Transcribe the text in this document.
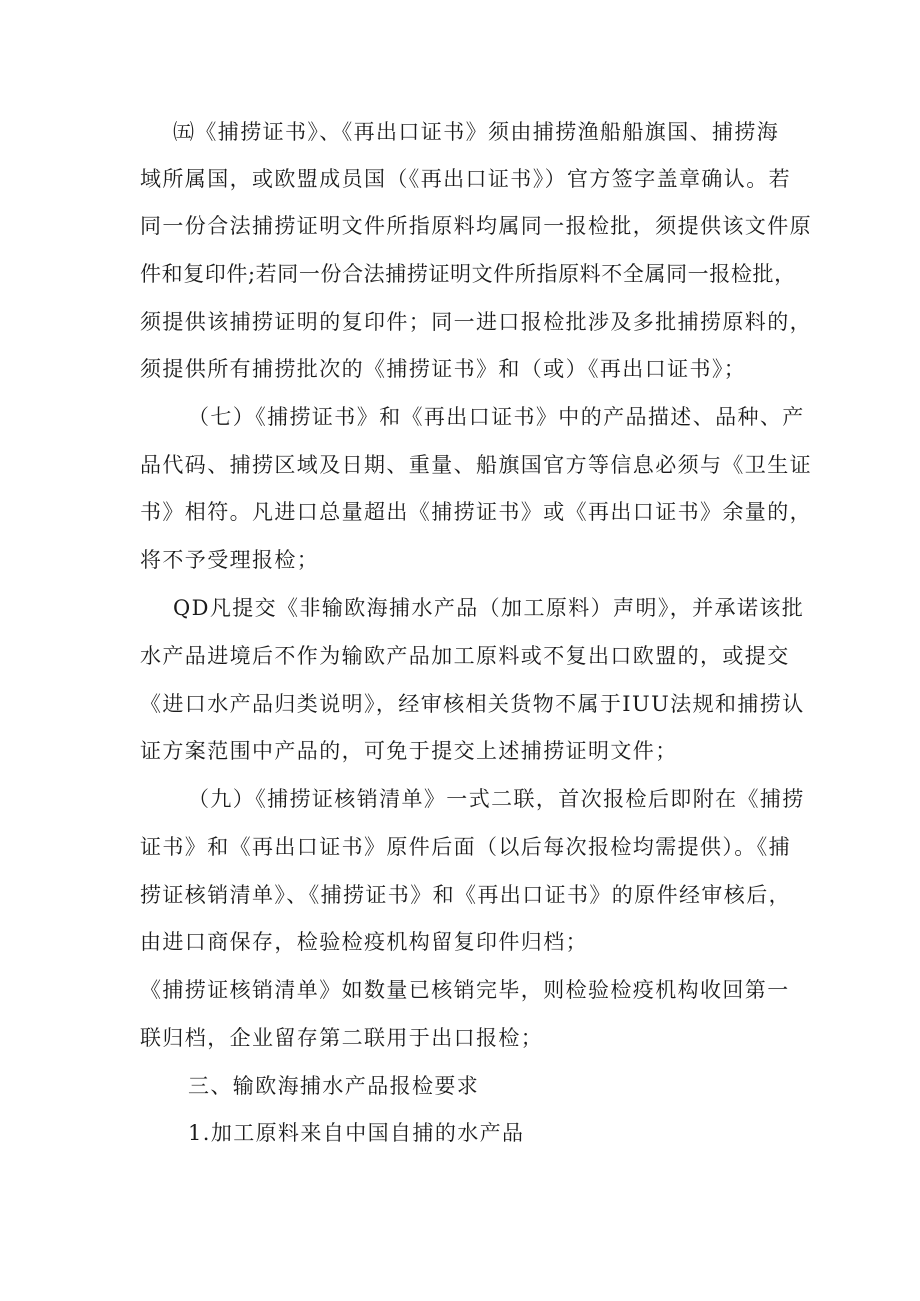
㈤《捕捞证书》、《再出口证书》须由捕捞渔船船旗国、捕捞海
域所属国，或欧盟成员国（《再出口证书》）官方签字盖章确认。若
同一份合法捕捞证明文件所指原料均属同一报检批，须提供该文件原
件和复印件;若同一份合法捕捞证明文件所指原料不全属同一报检批，
须提供该捕捞证明的复印件；同一进口报检批涉及多批捕捞原料的，
须提供所有捕捞批次的《捕捞证书》和（或）《再出口证书》；
（七）《捕捞证书》和《再出口证书》中的产品描述、品种、产
品代码、捕捞区域及日期、重量、船旗国官方等信息必须与《卫生证
书》相符。凡进口总量超出《捕捞证书》或《再出口证书》余量的，
将不予受理报检；
QD凡提交《非输欧海捕水产品（加工原料）声明》，并承诺该批
水产品进境后不作为输欧产品加工原料或不复出口欧盟的，或提交
《进口水产品归类说明》，经审核相关货物不属于IUU法规和捕捞认
证方案范围中产品的，可免于提交上述捕捞证明文件；
（九）《捕捞证核销清单》一式二联，首次报检后即附在《捕捞
证书》和《再出口证书》原件后面（以后每次报检均需提供）。《捕
捞证核销清单》、《捕捞证书》和《再出口证书》的原件经审核后，
由进口商保存，检验检疫机构留复印件归档；
《捕捞证核销清单》如数量已核销完毕，则检验检疫机构收回第一
联归档，企业留存第二联用于出口报检；
三、输欧海捕水产品报检要求
1.加工原料来自中国自捕的水产品
